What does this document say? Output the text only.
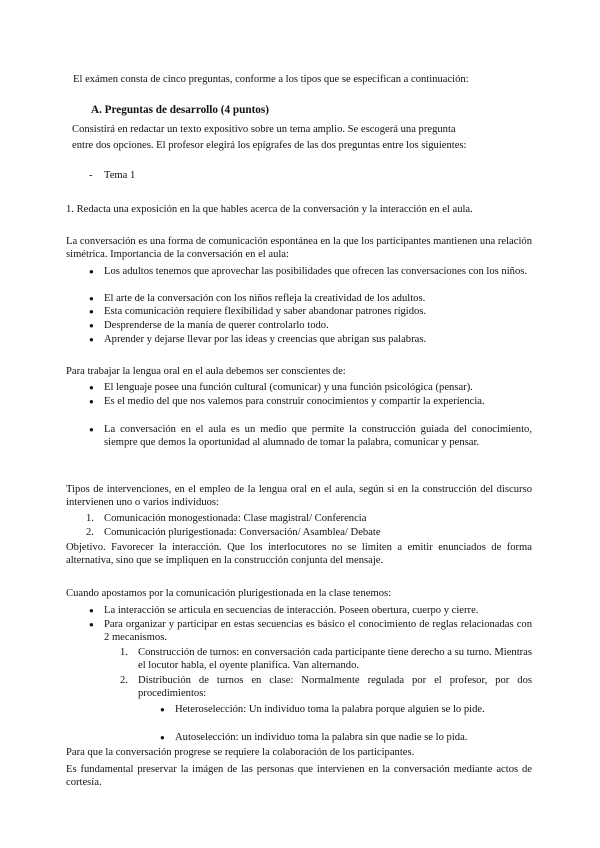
El exámen consta de cinco preguntas, conforme a los tipos que se especifican a continuación:
A. Preguntas de desarrollo (4 puntos)
Consistirá en redactar un texto expositivo sobre un tema amplio. Se escogerá una pregunta
entre dos opciones. El profesor elegirá los epígrafes de las dos preguntas entre los siguientes:
- Tema 1
1. Redacta una exposición en la que hables acerca de la conversación y la interacción en el aula.
La conversación es una forma de comunicación espontánea en la que los participantes mantienen una relación simétrica. Importancia de la conversación en el aula:
● Los adultos tenemos que aprovechar las posibilidades que ofrecen las conversaciones con los niños.
● El arte de la conversación con los niños refleja la creatividad de los adultos.
● Esta comunicación requiere flexibilidad y saber abandonar patrones rígidos.
● Desprenderse de la manía de querer controlarlo todo.
● Aprender y dejarse llevar por las ideas y creencias que abrigan sus palabras.
Para trabajar la lengua oral en el aula debemos ser conscientes de:
● El lenguaje posee una función cultural (comunicar) y una función psicológica (pensar).
● Es el medio del que nos valemos para construir conocimientos y compartir la experiencia.
● La conversación en el aula es un medio que permite la construcción guiada del conocimiento, siempre que demos la oportunidad al alumnado de tomar la palabra, comunicar y pensar.
Tipos de intervenciones, en el empleo de la lengua oral en el aula, según si en la construcción del discurso intervienen uno o varios individuos:
1. Comunicación monogestionada: Clase magistral/ Conferencia
2. Comunicación plurigestionada: Conversación/ Asamblea/ Debate
Objetivo. Favorecer la interacción. Que los interlocutores no se limiten a emitir enunciados de forma alternativa, sino que se impliquen en la construcción conjunta del mensaje.
Cuando apostamos por la comunicación plurigestionada en la clase tenemos:
● La interacción se articula en secuencias de interacción. Poseen obertura, cuerpo y cierre.
● Para organizar y participar en estas secuencias es básico el conocimiento de reglas relacionadas con 2 mecanismos.
1. Construcción de turnos: en conversación cada participante tiene derecho a su turno. Mientras el locutor habla, el oyente planifica. Van alternando.
2. Distribución de turnos en clase: Normalmente regulada por el profesor, por dos procedimientos:
● Heteroselección: Un individuo toma la palabra porque alguien se lo pide.
● Autoselección: un individuo toma la palabra sin que nadie se lo pida.
Para que la conversación progrese se requiere la colaboración de los participantes.
Es fundamental preservar la imágen de las personas que intervienen en la conversación mediante actos de cortesía.
